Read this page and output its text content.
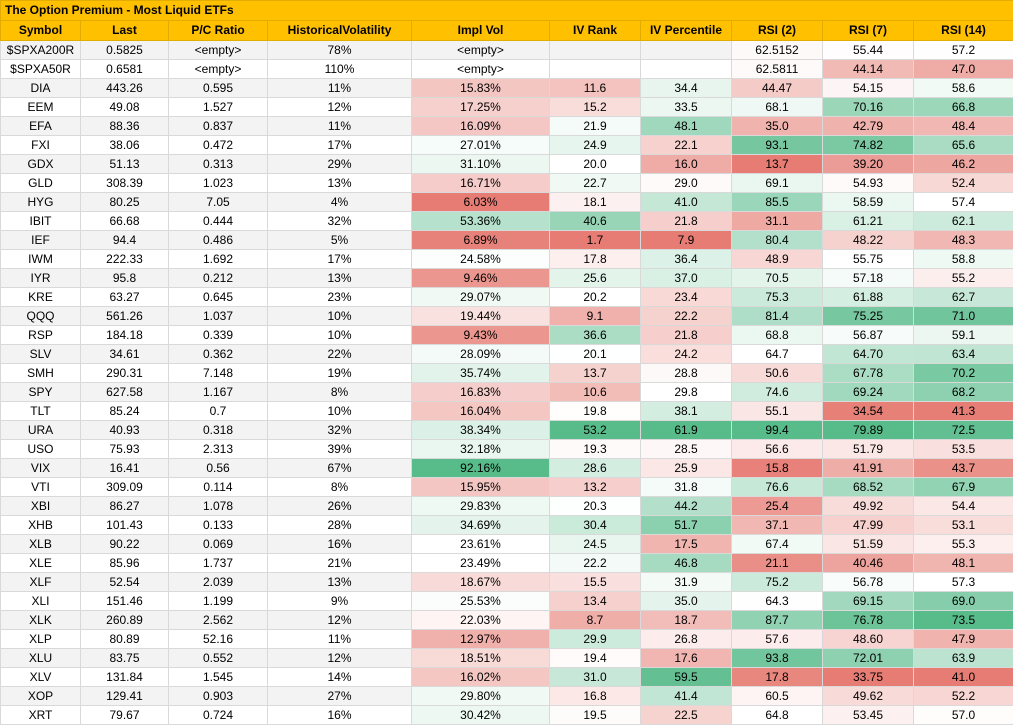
The Option Premium - Most Liquid ETFs									
Symbol	Last	P/C Ratio	HistoricalVolatility	Impl Vol	IV Rank	IV Percentile	RSI (2)	RSI (7)	RSI (14)
$SPXA200R	0.5825	<empty>	78%	<empty>			62.5152	55.44	57.2
$SPXA50R	0.6581	<empty>	110%	<empty>			62.5811	44.14	47.0
DIA	443.26	0.595	11%	15.83%	11.6	34.4	44.47	54.15	58.6
EEM	49.08	1.527	12%	17.25%	15.2	33.5	68.1	70.16	66.8
EFA	88.36	0.837	11%	16.09%	21.9	48.1	35.0	42.79	48.4
FXI	38.06	0.472	17%	27.01%	24.9	22.1	93.1	74.82	65.6
GDX	51.13	0.313	29%	31.10%	20.0	16.0	13.7	39.20	46.2
GLD	308.39	1.023	13%	16.71%	22.7	29.0	69.1	54.93	52.4
HYG	80.25	7.05	4%	6.03%	18.1	41.0	85.5	58.59	57.4
IBIT	66.68	0.444	32%	53.36%	40.6	21.8	31.1	61.21	62.1
IEF	94.4	0.486	5%	6.89%	1.7	7.9	80.4	48.22	48.3
IWM	222.33	1.692	17%	24.58%	17.8	36.4	48.9	55.75	58.8
IYR	95.8	0.212	13%	9.46%	25.6	37.0	70.5	57.18	55.2
KRE	63.27	0.645	23%	29.07%	20.2	23.4	75.3	61.88	62.7
QQQ	561.26	1.037	10%	19.44%	9.1	22.2	81.4	75.25	71.0
RSP	184.18	0.339	10%	9.43%	36.6	21.8	68.8	56.87	59.1
SLV	34.61	0.362	22%	28.09%	20.1	24.2	64.7	64.70	63.4
SMH	290.31	7.148	19%	35.74%	13.7	28.8	50.6	67.78	70.2
SPY	627.58	1.167	8%	16.83%	10.6	29.8	74.6	69.24	68.2
TLT	85.24	0.7	10%	16.04%	19.8	38.1	55.1	34.54	41.3
URA	40.93	0.318	32%	38.34%	53.2	61.9	99.4	79.89	72.5
USO	75.93	2.313	39%	32.18%	19.3	28.5	56.6	51.79	53.5
VIX	16.41	0.56	67%	92.16%	28.6	25.9	15.8	41.91	43.7
VTI	309.09	0.114	8%	15.95%	13.2	31.8	76.6	68.52	67.9
XBI	86.27	1.078	26%	29.83%	20.3	44.2	25.4	49.92	54.4
XHB	101.43	0.133	28%	34.69%	30.4	51.7	37.1	47.99	53.1
XLB	90.22	0.069	16%	23.61%	24.5	17.5	67.4	51.59	55.3
XLE	85.96	1.737	21%	23.49%	22.2	46.8	21.1	40.46	48.1
XLF	52.54	2.039	13%	18.67%	15.5	31.9	75.2	56.78	57.3
XLI	151.46	1.199	9%	25.53%	13.4	35.0	64.3	69.15	69.0
XLK	260.89	2.562	12%	22.03%	8.7	18.7	87.7	76.78	73.5
XLP	80.89	52.16	11%	12.97%	29.9	26.8	57.6	48.60	47.9
XLU	83.75	0.552	12%	18.51%	19.4	17.6	93.8	72.01	63.9
XLV	131.84	1.545	14%	16.02%	31.0	59.5	17.8	33.75	41.0
XOP	129.41	0.903	27%	29.80%	16.8	41.4	60.5	49.62	52.2
XRT	79.67	0.724	16%	30.42%	19.5	22.5	64.8	53.45	57.0
